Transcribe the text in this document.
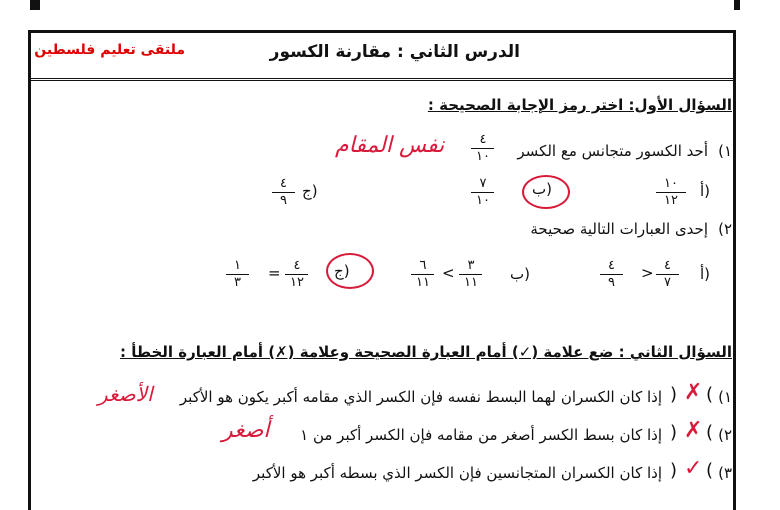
الدرس الثاني : مقارنة الكسور
ملتقى تعليم فلسطين
السؤال الأول: اختر رمز الإجابة الصحيحة :
١)
أحد الكسور متجانس مع الكسر
٤
١٠
نفس المقام
أ)
١٠
١٢
ب)
٧
١٠
ج)
٤
٩
٢)
إحدى العبارات التالية صحيحة
أ)
٤
٧
>
٤
٩
ب)
٣
١١
<
٦
١١
ج)
٤
١٢
=
١
٣
السؤال الثاني : ضع علامة (✓) أمام العبارة الصحيحة وعلامة (✗) أمام العبارة الخطأ :
١)
(
✗
)
إذا كان الكسران لهما البسط نفسه فإن الكسر الذي مقامه أكبر يكون هو الأكبر
الأصغر
٢)
(
✗
)
إذا كان بسط الكسر أصغر من مقامه فإن الكسر أكبر من ١
أصغر
٣)
(
✓
)
إذا كان الكسران المتجانسين فإن الكسر الذي بسطه أكبر هو الأكبر
